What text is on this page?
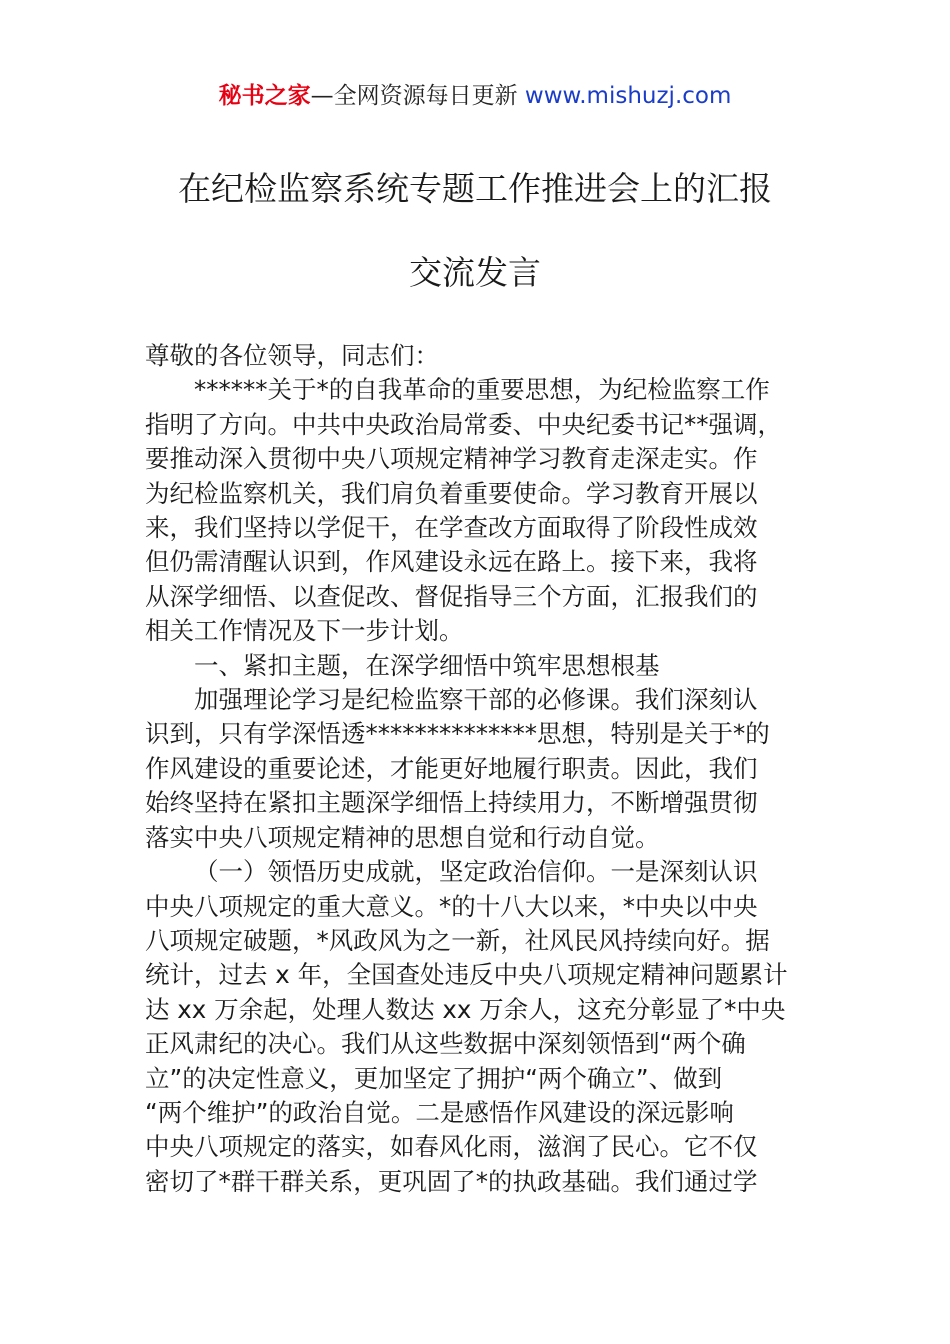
秘书之家—全网资源每日更新 www.mishuzj.com
在纪检监察系统专题工作推进会上的汇报
交流发言

尊敬的各位领导，同志们：

******关于*的自我革命的重要思想，为纪检监察工作

指明了方向。中共中央政治局常委、中央纪委书记**强调，

要推动深入贯彻中央八项规定精神学习教育走深走实。作

为纪检监察机关，我们肩负着重要使命。学习教育开展以

来，我们坚持以学促干，在学查改方面取得了阶段性成效

但仍需清醒认识到，作风建设永远在路上。接下来，我将

从深学细悟、以查促改、督促指导三个方面，汇报我们的

相关工作情况及下一步计划。

一、紧扣主题，在深学细悟中筑牢思想根基

加强理论学习是纪检监察干部的必修课。我们深刻认

识到，只有学深悟透**************思想，特别是关于*的

作风建设的重要论述，才能更好地履行职责。因此，我们

始终坚持在紧扣主题深学细悟上持续用力，不断增强贯彻

落实中央八项规定精神的思想自觉和行动自觉。

（一）领悟历史成就，坚定政治信仰。一是深刻认识

中央八项规定的重大意义。*的十八大以来，*中央以中央

八项规定破题，*风政风为之一新，社风民风持续向好。据

统计，过去 x 年，全国查处违反中央八项规定精神问题累计

达 xx 万余起，处理人数达 xx 万余人，这充分彰显了*中央

正风肃纪的决心。我们从这些数据中深刻领悟到“两个确

立”的决定性意义，更加坚定了拥护“两个确立”、做到

“两个维护”的政治自觉。二是感悟作风建设的深远影响

中央八项规定的落实，如春风化雨，滋润了民心。它不仅

密切了*群干群关系，更巩固了*的执政基础。我们通过学
